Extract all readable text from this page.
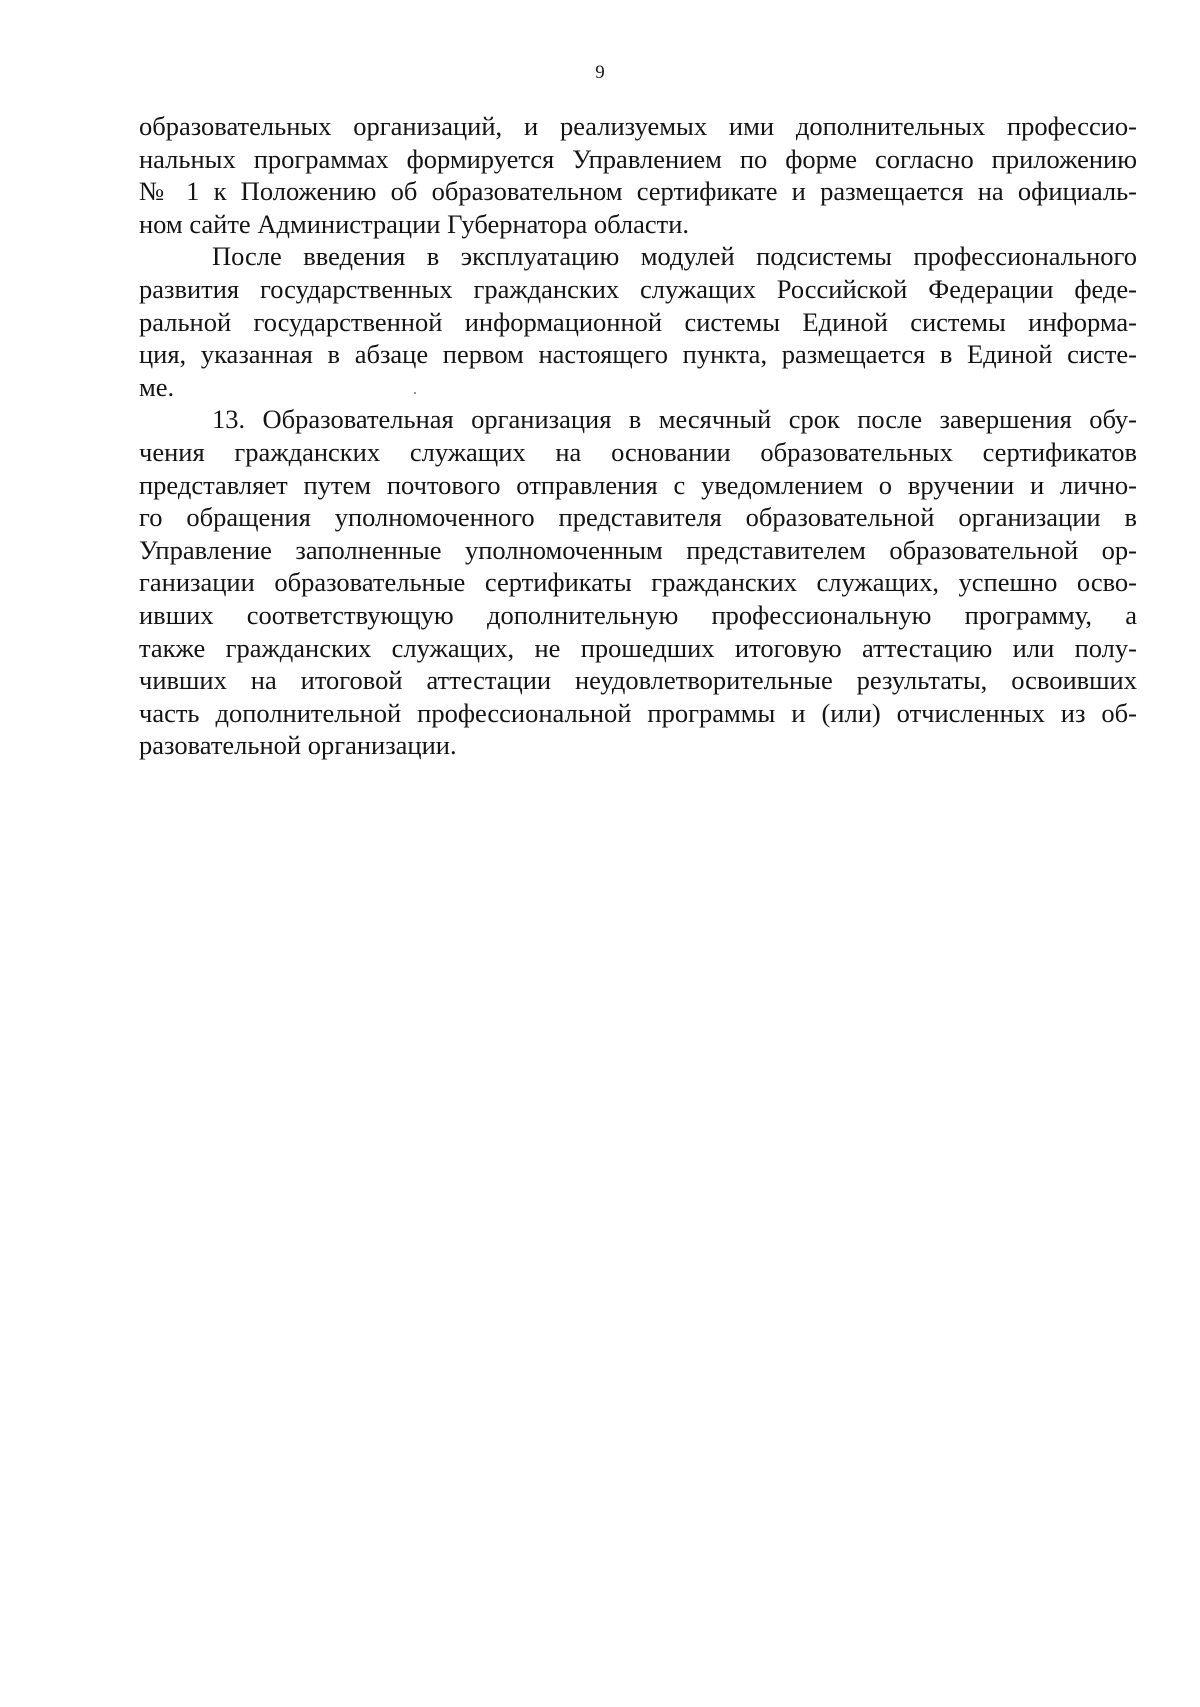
9
образовательных организаций, и реализуемых ими дополнительных профессио-
нальных программах формируется Управлением по форме согласно приложению
№ 1 к Положению об образовательном сертификате и размещается на официаль-
ном сайте Администрации Губернатора области.
После введения в эксплуатацию модулей подсистемы профессионального
развития государственных гражданских служащих Российской Федерации феде-
ральной государственной информационной системы Единой системы информа-
ция, указанная в абзаце первом настоящего пункта, размещается в Единой систе-
ме.
13. Образовательная организация в месячный срок после завершения обу-
чения гражданских служащих на основании образовательных сертификатов
представляет путем почтового отправления с уведомлением о вручении и лично-
го обращения уполномоченного представителя образовательной организации в
Управление заполненные уполномоченным представителем образовательной ор-
ганизации образовательные сертификаты гражданских служащих, успешно осво-
ивших соответствующую дополнительную профессиональную программу, а
также гражданских служащих, не прошедших итоговую аттестацию или полу-
чивших на итоговой аттестации неудовлетворительные результаты, освоивших
часть дополнительной профессиональной программы и (или) отчисленных из об-
разовательной организации.
